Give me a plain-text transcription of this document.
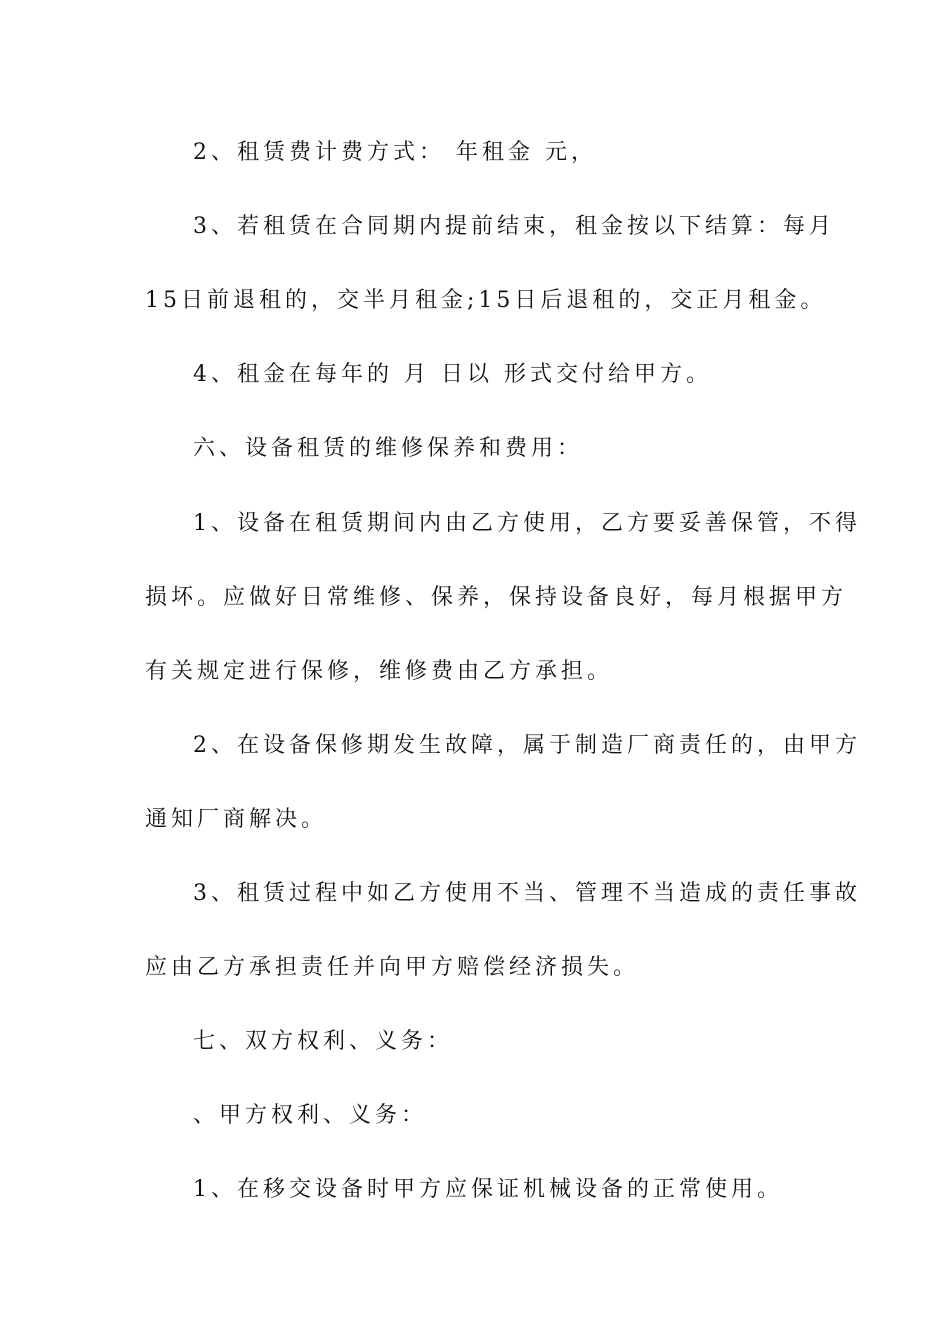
2、租赁费计费方式： 年租金 元，

3、若租赁在合同期内提前结束，租金按以下结算：每月

15日前退租的，交半月租金;15日后退租的，交正月租金。

4、租金在每年的 月 日以 形式交付给甲方。

六、设备租赁的维修保养和费用：

1、设备在租赁期间内由乙方使用，乙方要妥善保管，不得

损坏。应做好日常维修、保养，保持设备良好，每月根据甲方

有关规定进行保修，维修费由乙方承担。

2、在设备保修期发生故障，属于制造厂商责任的，由甲方

通知厂商解决。

3、租赁过程中如乙方使用不当、管理不当造成的责任事故

应由乙方承担责任并向甲方赔偿经济损失。

七、双方权利、义务：

、甲方权利、义务：

1、在移交设备时甲方应保证机械设备的正常使用。
